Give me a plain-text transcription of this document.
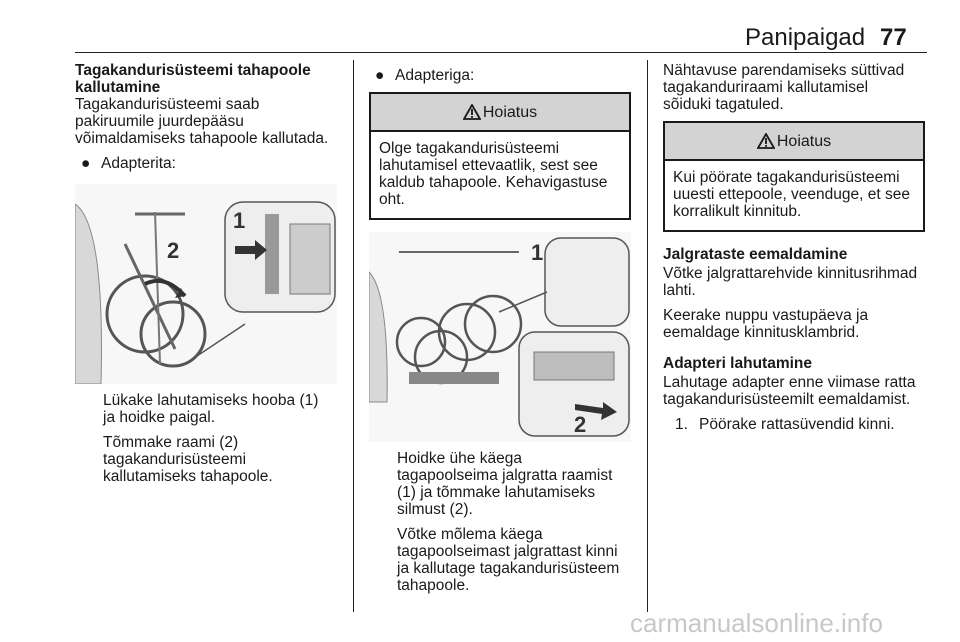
Panipaigad 77

Tagakandurisüsteemi tahapoole kallutamine

Tagakandurisüsteemi saab
pakiruumile juurdepääsu
võimaldamiseks tahapoole kallutada.

● Adapterita:
2
1

Lükake lahutamiseks hooba (1)
ja hoidke paigal.

Tõmmake raami (2)
tagakandurisüsteemi
kallutamiseks tahapoole.

● Adapteriga:
Hoiatus
Olge tagakandurisüsteemi
lahutamisel ettevaatlik, sest see
kaldub tahapoole. Kehavigastuse
oht.
1
2

Hoidke ühe käega
tagapoolseima jalgratta raamist
(1) ja tõmmake lahutamiseks
silmust (2).

Võtke mõlema käega
tagapoolseimast jalgrattast kinni
ja kallutage tagakandurisüsteem
tahapoole.

Nähtavuse parendamiseks süttivad
tagakanduriraami kallutamisel
sõiduki tagatuled.

Hoiatus
Kui pöörate tagakandurisüsteemi
uuesti ettepoole, veenduge, et see
korralikult kinnitub.

Jalgrataste eemaldamine

Võtke jalgrattarehvide kinnitusrihmad
lahti.

Keerake nuppu vastupäeva ja
eemaldage kinnitusklambrid.

Adapteri lahutamine

Lahutage adapter enne viimase ratta
tagakandurisüsteemilt eemaldamist.

1. Pöörake rattasüvendid kinni.
carmanualsonline.info
